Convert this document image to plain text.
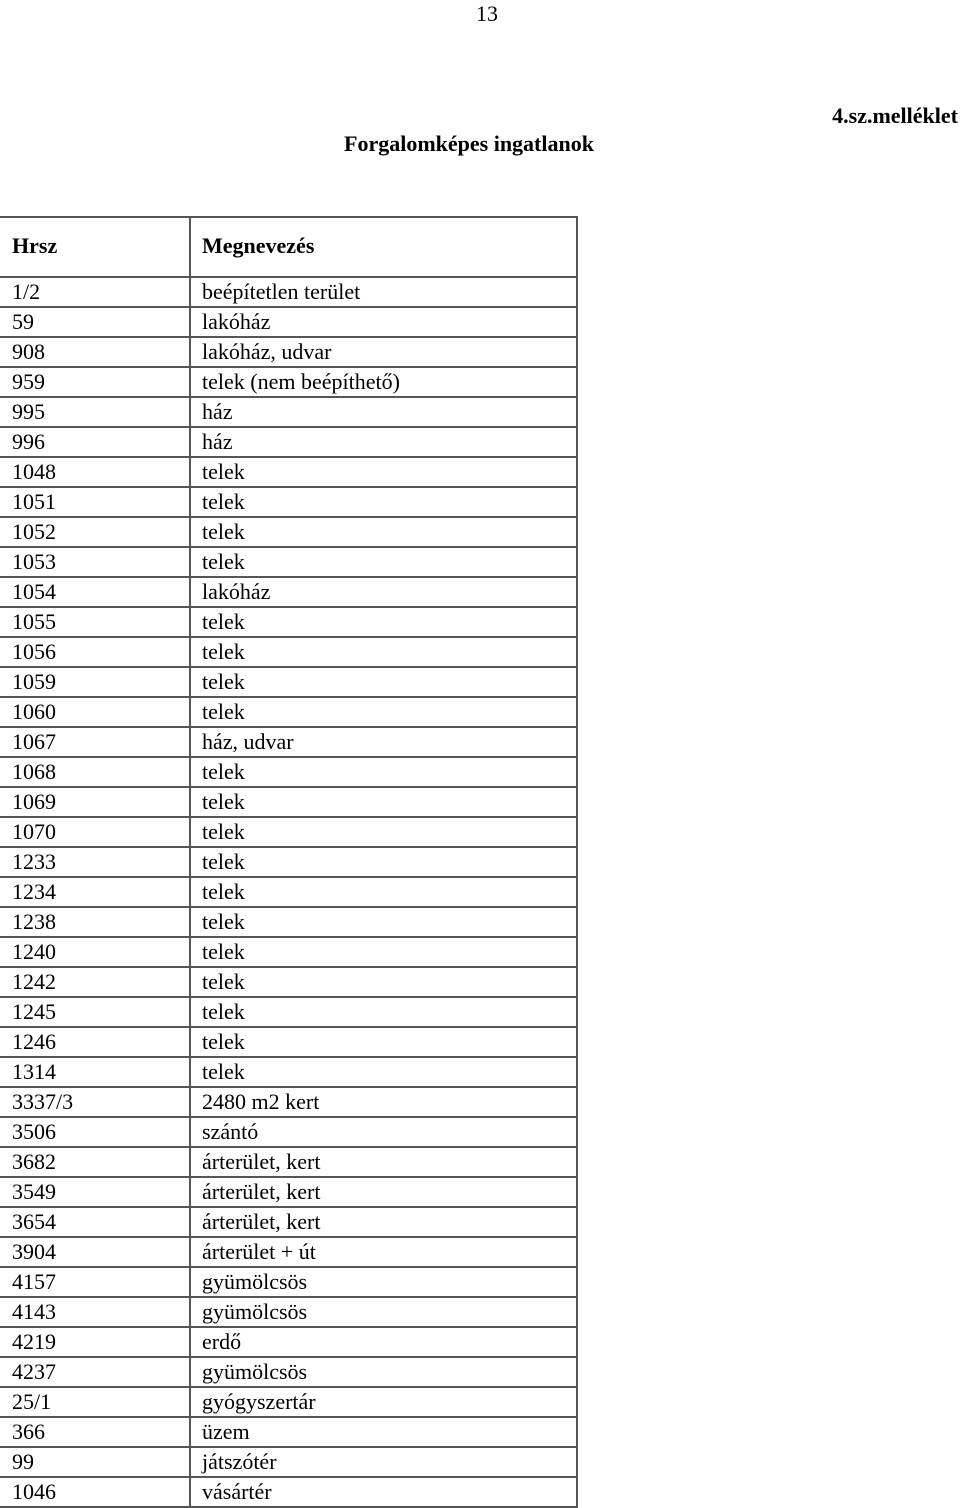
13
4.sz.melléklet
Forgalomképes ingatlanok
Hrsz	Megnevezés
1/2	beépítetlen terület
59	lakóház
908	lakóház, udvar
959	telek (nem beépíthető)
995	ház
996	ház
1048	telek
1051	telek
1052	telek
1053	telek
1054	lakóház
1055	telek
1056	telek
1059	telek
1060	telek
1067	ház, udvar
1068	telek
1069	telek
1070	telek
1233	telek
1234	telek
1238	telek
1240	telek
1242	telek
1245	telek
1246	telek
1314	telek
3337/3	2480 m2 kert
3506	szántó
3682	árterület, kert
3549	árterület, kert
3654	árterület, kert
3904	árterület + út
4157	gyümölcsös
4143	gyümölcsös
4219	erdő
4237	gyümölcsös
25/1	gyógyszertár
366	üzem
99	játszótér
1046	vásártér
